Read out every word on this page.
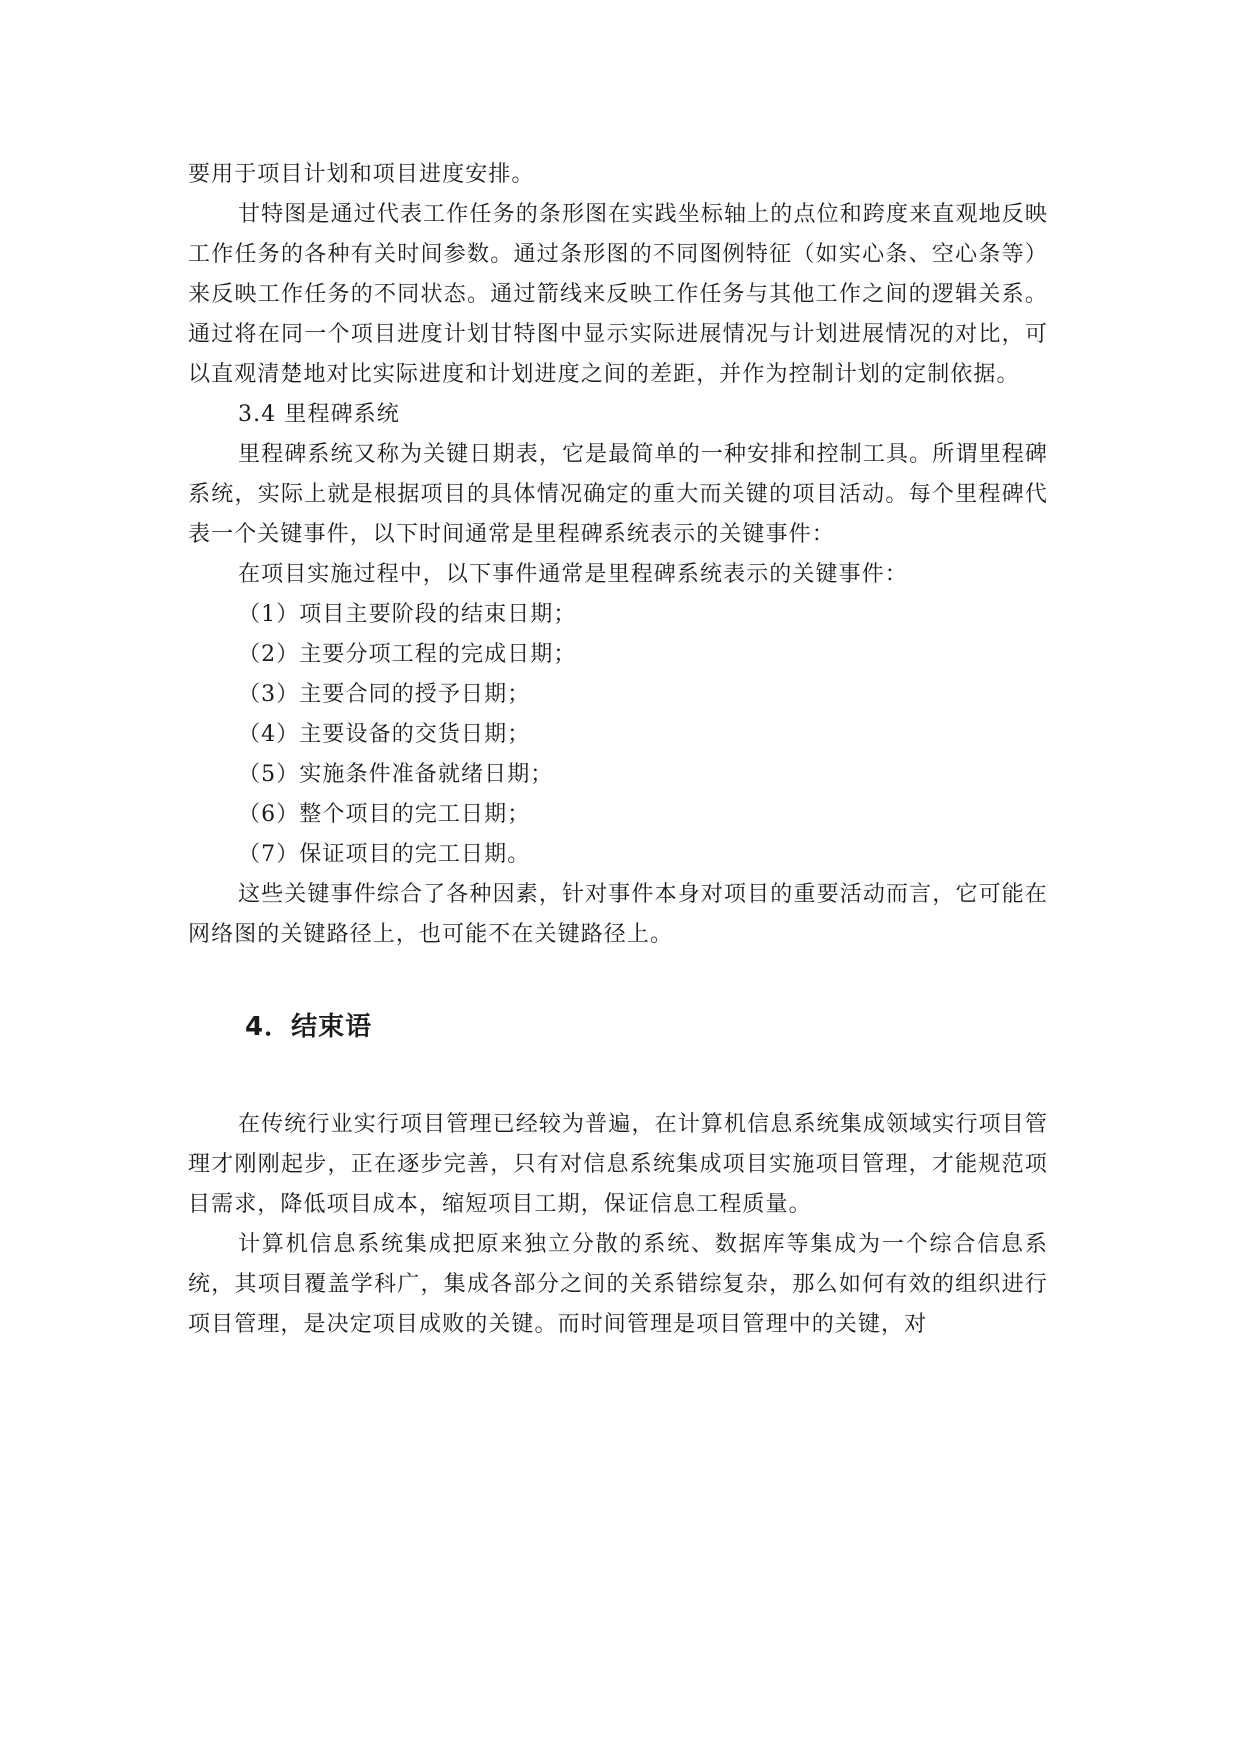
要用于项目计划和项目进度安排。

甘特图是通过代表工作任务的条形图在实践坐标轴上的点位和跨度来直观地反映工作任务的各种有关时间参数。通过条形图的不同图例特征（如实心条、空心条等）来反映工作任务的不同状态。通过箭线来反映工作任务与其他工作之间的逻辑关系。通过将在同一个项目进度计划甘特图中显示实际进展情况与计划进展情况的对比，可以直观清楚地对比实际进度和计划进度之间的差距，并作为控制计划的定制依据。

3.4 里程碑系统

里程碑系统又称为关键日期表，它是最简单的一种安排和控制工具。所谓里程碑系统，实际上就是根据项目的具体情况确定的重大而关键的项目活动。每个里程碑代表一个关键事件，以下时间通常是里程碑系统表示的关键事件：

在项目实施过程中，以下事件通常是里程碑系统表示的关键事件：

（1）项目主要阶段的结束日期；
（2）主要分项工程的完成日期；
（3）主要合同的授予日期；
（4）主要设备的交货日期；
（5）实施条件准备就绪日期；
（6）整个项目的完工日期；
（7）保证项目的完工日期。

这些关键事件综合了各种因素，针对事件本身对项目的重要活动而言，它可能在网络图的关键路径上，也可能不在关键路径上。

4．结束语

在传统行业实行项目管理已经较为普遍，在计算机信息系统集成领域实行项目管理才刚刚起步，正在逐步完善，只有对信息系统集成项目实施项目管理，才能规范项目需求，降低项目成本，缩短项目工期，保证信息工程质量。

计算机信息系统集成把原来独立分散的系统、数据库等集成为一个综合信息系统，其项目覆盖学科广，集成各部分之间的关系错综复杂，那么如何有效的组织进行项目管理，是决定项目成败的关键。而时间管理是项目管理中的关键，对
